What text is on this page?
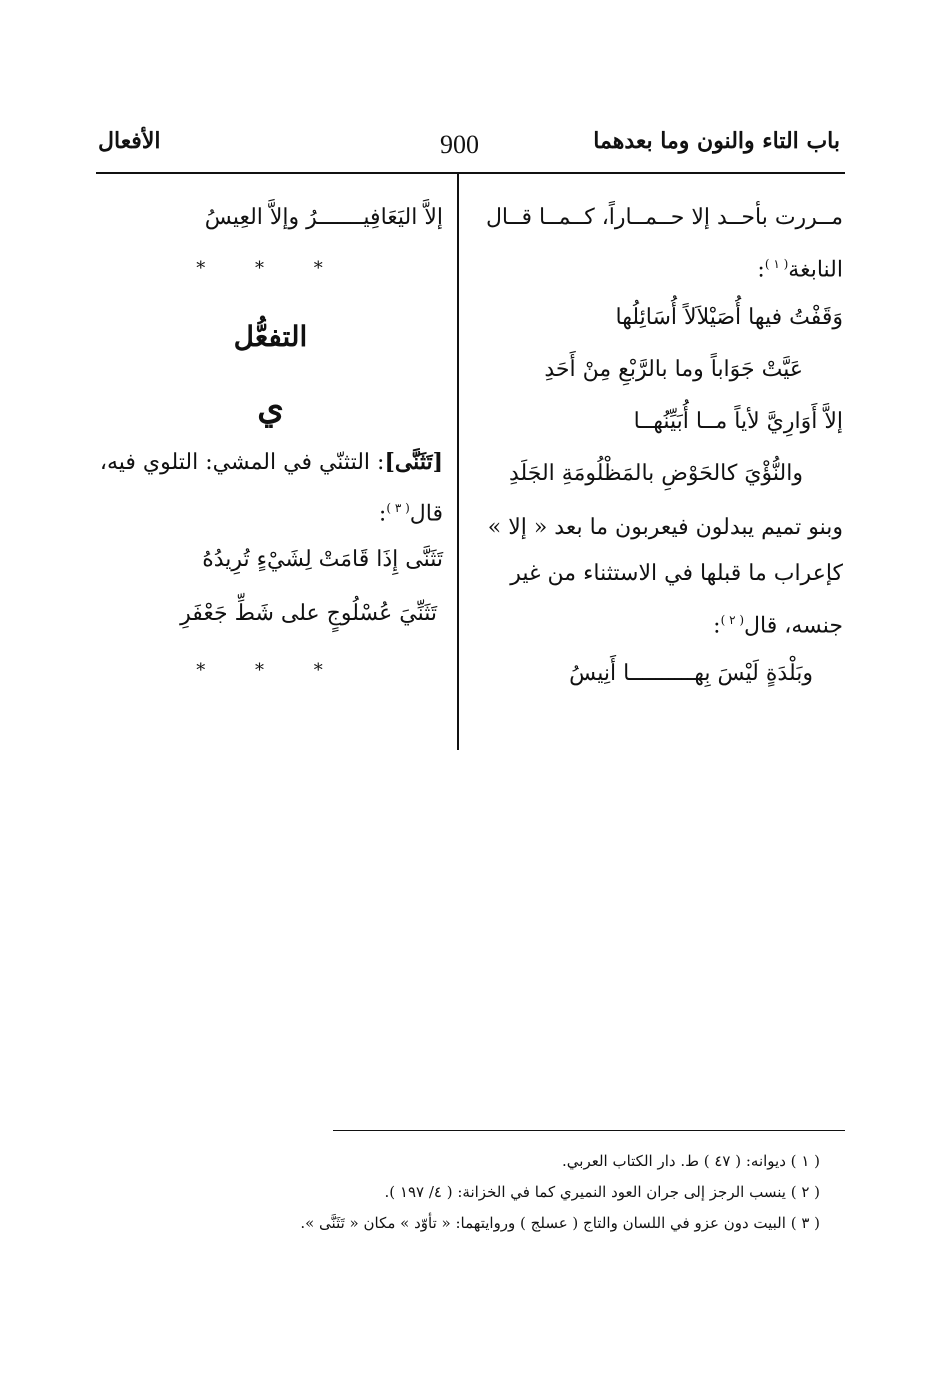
باب التاء والنون وما بعدهما
900
الأفعال
مــررت بأحــد إلا حــمــاراً، كــمــا قــال
النابغة$^{( ١ )}$:
وَقَفْتُ فيها أُصَيْلاَلاً أُسَائِلُها
عَيَّتْ جَوَاباً وما بالرَّبْعِ مِنْ أَحَدِ
إلاَّ أَوَارِيَّ لأياً مــا أُبَيِّنُهــا
والنُّؤْيَ كالحَوْضِ بالمَظْلُومَةِ الجَلَدِ
وبنو تميم يبدلون فيعربون ما بعد « إلا »
كإعراب ما قبلها في الاستثناء من غير
جنسه، قال$^{( ٢ )}$:
وبَلْدَةٍ لَيْسَ بِهــــــــــا أَنِيسُ
إلاَّ اليَعَافِيـــــــرُ وإلاَّ العِيسُ
* * *
التفعُّل
ي
[تَثَنَّى]: التثنّي في المشي: التلوي فيه،
قال$^{( ٣ )}$:
تَثَنَّى إِذَا قَامَتْ لِشَيْءٍ تُرِيدُهُ
تَثَنِّيَ عُسْلُوجٍ على شَطِّ جَعْفَرِ
* * *
( ١ ) ديوانه: ( ٤٧ ) ط. دار الكتاب العربي.
( ٢ ) ينسب الرجز إلى جران العود النميري كما في الخزانة: ( ٤/ ١٩٧ ).
( ٣ ) البيت دون عزو في اللسان والتاج ( عسلج ) وروايتهما: « تأوّد » مكان « تَثَنَّى ».
